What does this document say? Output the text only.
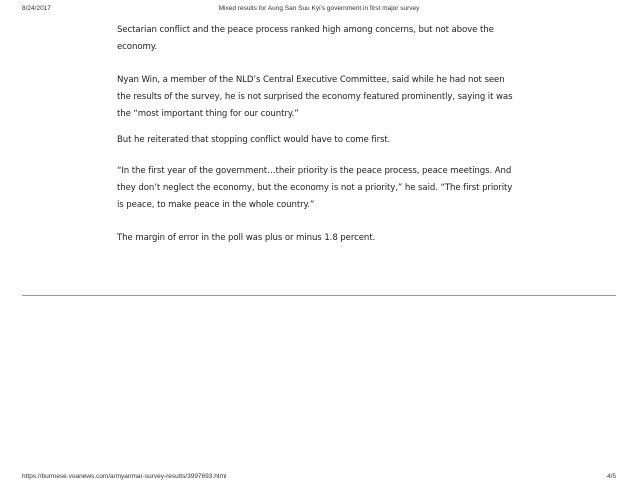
8/24/2017	Mixed results for Aung San Suu Kyi’s government in first major survey

Sectarian conflict and the peace process ranked high among concerns, but not above the economy.

Nyan Win, a member of the NLD’s Central Executive Committee, said while he had not seen the results of the survey, he is not surprised the economy featured prominently, saying it was the “most important thing for our country.”

But he reiterated that stopping conflict would have to come first.

“In the first year of the government…their priority is the peace process, peace meetings. And they don’t neglect the economy, but the economy is not a priority,” he said. “The first priority is peace, to make peace in the whole country.”

The margin of error in the poll was plus or minus 1.8 percent.

https://burmese.voanews.com/a/myanmar-survey-results/3997693.html	4/5
